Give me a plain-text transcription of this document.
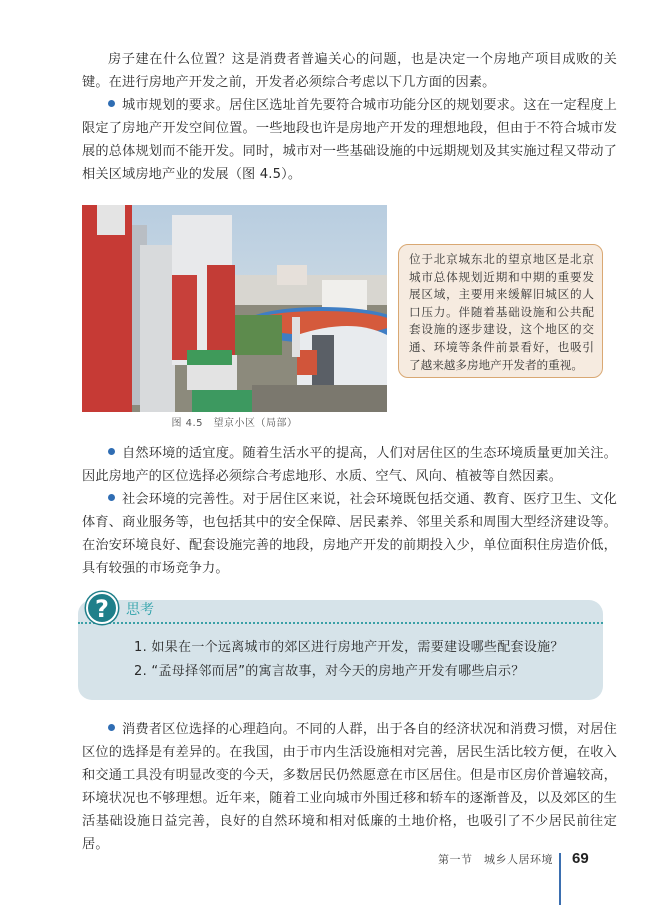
房子建在什么位置？这是消费者普遍关心的问题，也是决定一个房地产项目成败的关键。在进行房地产开发之前，开发者必须综合考虑以下几方面的因素。
城市规划的要求。居住区选址首先要符合城市功能分区的规划要求。这在一定程度上限定了房地产开发空间位置。一些地段也许是房地产开发的理想地段，但由于不符合城市发展的总体规划而不能开发。同时，城市对一些基础设施的中远期规划及其实施过程又带动了相关区域房地产业的发展（图 4.5）。
图 4.5　望京小区（局部）
位于北京城东北的望京地区是北京城市总体规划近期和中期的重要发展区域，主要用来缓解旧城区的人口压力。伴随着基础设施和公共配套设施的逐步建设，这个地区的交通、环境等条件前景看好，也吸引了越来越多房地产开发者的重视。
自然环境的适宜度。随着生活水平的提高，人们对居住区的生态环境质量更加关注。因此房地产的区位选择必须综合考虑地形、水质、空气、风向、植被等自然因素。
社会环境的完善性。对于居住区来说，社会环境既包括交通、教育、医疗卫生、文化体育、商业服务等，也包括其中的安全保障、居民素养、邻里关系和周围大型经济建设等。在治安环境良好、配套设施完善的地段，房地产开发的前期投入少，单位面积住房造价低，具有较强的市场竞争力。
?	思考
1. 如果在一个远离城市的郊区进行房地产开发，需要建设哪些配套设施？
2. “孟母择邻而居”的寓言故事，对今天的房地产开发有哪些启示？
消费者区位选择的心理趋向。不同的人群，出于各自的经济状况和消费习惯，对居住区位的选择是有差异的。在我国，由于市内生活设施相对完善，居民生活比较方便，在收入和交通工具没有明显改变的今天，多数居民仍然愿意在市区居住。但是市区房价普遍较高，环境状况也不够理想。近年来，随着工业向城市外围迁移和轿车的逐渐普及，以及郊区的生活基础设施日益完善，良好的自然环境和相对低廉的土地价格，也吸引了不少居民前往定居。
第一节　城乡人居环境 69
